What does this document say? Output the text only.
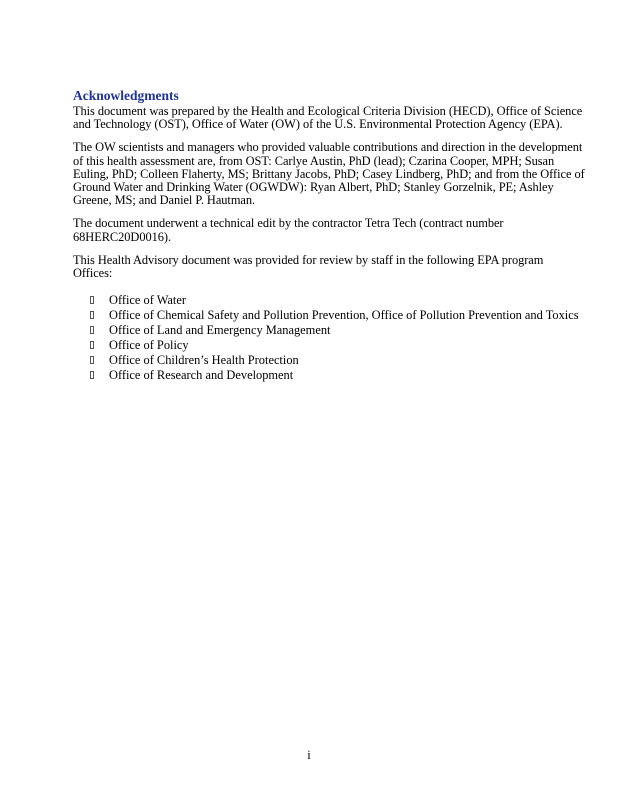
Acknowledgments

This document was prepared by the Health and Ecological Criteria Division (HECD), Office of Science and Technology (OST), Office of Water (OW) of the U.S. Environmental Protection Agency (EPA).

The OW scientists and managers who provided valuable contributions and direction in the development of this health assessment are, from OST: Carlye Austin, PhD (lead); Czarina Cooper, MPH; Susan Euling, PhD; Colleen Flaherty, MS; Brittany Jacobs, PhD; Casey Lindberg, PhD; and from the Office of Ground Water and Drinking Water (OGWDW): Ryan Albert, PhD; Stanley Gorzelnik, PE; Ashley Greene, MS; and Daniel P. Hautman.

The document underwent a technical edit by the contractor Tetra Tech (contract number 68HERC20D0016).

This Health Advisory document was provided for review by staff in the following EPA program Offices:

Office of Water
Office of Chemical Safety and Pollution Prevention, Office of Pollution Prevention and Toxics
Office of Land and Emergency Management
Office of Policy
Office of Children’s Health Protection
Office of Research and Development
i
